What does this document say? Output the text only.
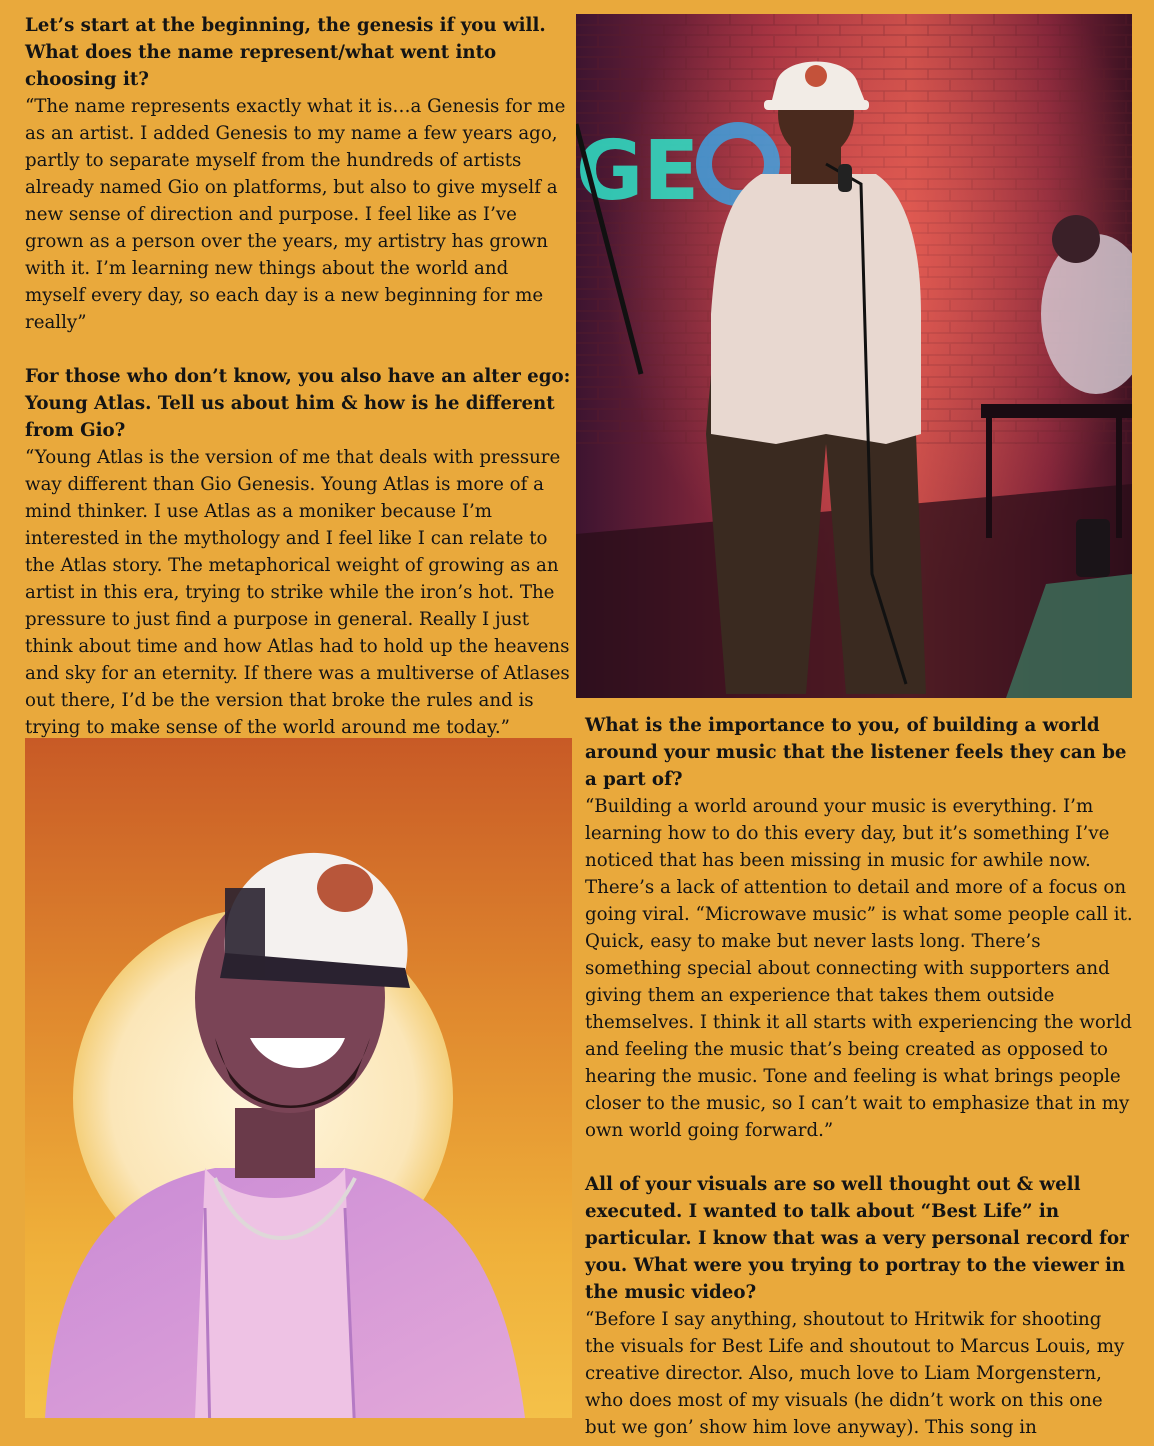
Let’s start at the beginning, the genesis if you will. What does the name represent/what went into choosing it?

“The name represents exactly what it is…a Genesis for me as an artist. I added Genesis to my name a few years ago, partly to separate myself from the hundreds of artists already named Gio on platforms, but also to give myself a new sense of direction and purpose. I feel like as I’ve grown as a person over the years, my artistry has grown with it. I’m learning new things about the world and myself every day, so each day is a new beginning for me really”

For those who don’t know, you also have an alter ego: Young Atlas. Tell us about him & how is he different from Gio?

“Young Atlas is the version of me that deals with pressure way different than Gio Genesis. Young Atlas is more of a mind thinker. I use Atlas as a moniker because I’m interested in the mythology and I feel like I can relate to the Atlas story. The metaphorical weight of growing as an artist in this era, trying to strike while the iron’s hot. The pressure to just find a purpose in general. Really I just think about time and how Atlas had to hold up the heavens and sky for an eternity. If there was a multiverse of Atlases out there, I’d be the version that broke the rules and is trying to make sense of the world around me today.”

GE

What is the importance to you, of building a world around your music that the listener feels they can be a part of?

“Building a world around your music is everything. I’m learning how to do this every day, but it’s something I’ve noticed that has been missing in music for awhile now. There’s a lack of attention to detail and more of a focus on going viral. “Microwave music” is what some people call it. Quick, easy to make but never lasts long. There’s something special about connecting with supporters and giving them an experience that takes them outside themselves. I think it all starts with experiencing the world and feeling the music that’s being created as opposed to hearing the music. Tone and feeling is what brings people closer to the music, so I can’t wait to emphasize that in my own world going forward.”

All of your visuals are so well thought out & well executed. I wanted to talk about “Best Life” in particular. I know that was a very personal record for you. What were you trying to portray to the viewer in the music video?

“Before I say anything, shoutout to Hritwik for shooting the visuals for Best Life and shoutout to Marcus Louis, my creative director. Also, much love to Liam Morgenstern, who does most of my visuals (he didn’t work on this one but we gon’ show him love anyway). This song in
